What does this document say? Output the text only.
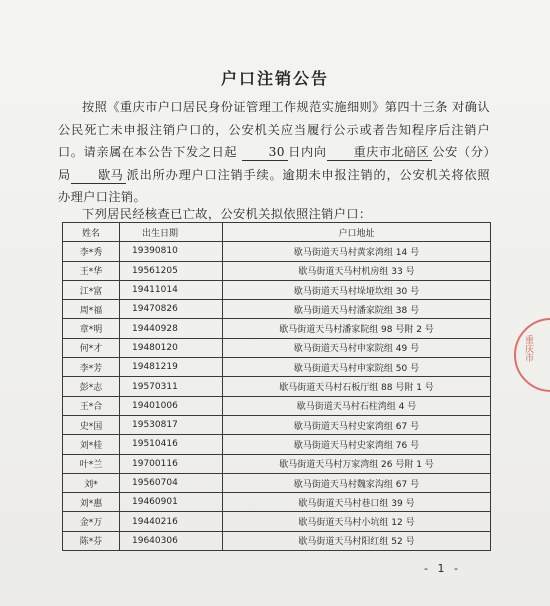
户口注销公告
按照《重庆市户口居民身份证管理工作规范实施细则》第四十三条 对确认公民死亡未申报注销户口的，公安机关应当履行公示或者告知程序后注销户口。请亲属在本公告下发之日起 30 日内向 重庆市北碚区 公安（分）局 歇马 派出所办理户口注销手续。逾期未申报注销的，公安机关将依照办理户口注销。
下列居民经核查已亡故，公安机关拟依照注销户口：
姓名	出生日期	户口地址
李*秀	19390810	歇马街道天马村黄家湾组 14 号
王*华	19561205	歇马街道天马村机房组 33 号
江*富	19411014	歇马街道天马村垛垭坎组 30 号
周*福	19470826	歇马街道天马村潘家院组 38 号
章*明	19440928	歇马街道天马村潘家院组 98 号附 2 号
何*才	19480120	歇马街道天马村申家院组 49 号
李*芳	19481219	歇马街道天马村申家院组 50 号
彭*志	19570311	歇马街道天马村石板厅组 88 号附 1 号
王*合	19401006	歇马街道天马村石柱湾组 4 号
史*国	19530817	歇马街道天马村史家湾组 67 号
刘*桂	19510416	歇马街道天马村史家湾组 76 号
叶*兰	19700116	歇马街道天马村万家湾组 26 号附 1 号
刘*	19560704	歇马街道天马村魏家沟组 67 号
刘*惠	19460901	歇马街道天马村巷口组 39 号
金*万	19440216	歇马街道天马村小坑组 12 号
陈*芬	19640306	歇马街道天马村阳红组 52 号
重庆市
- 1 -
